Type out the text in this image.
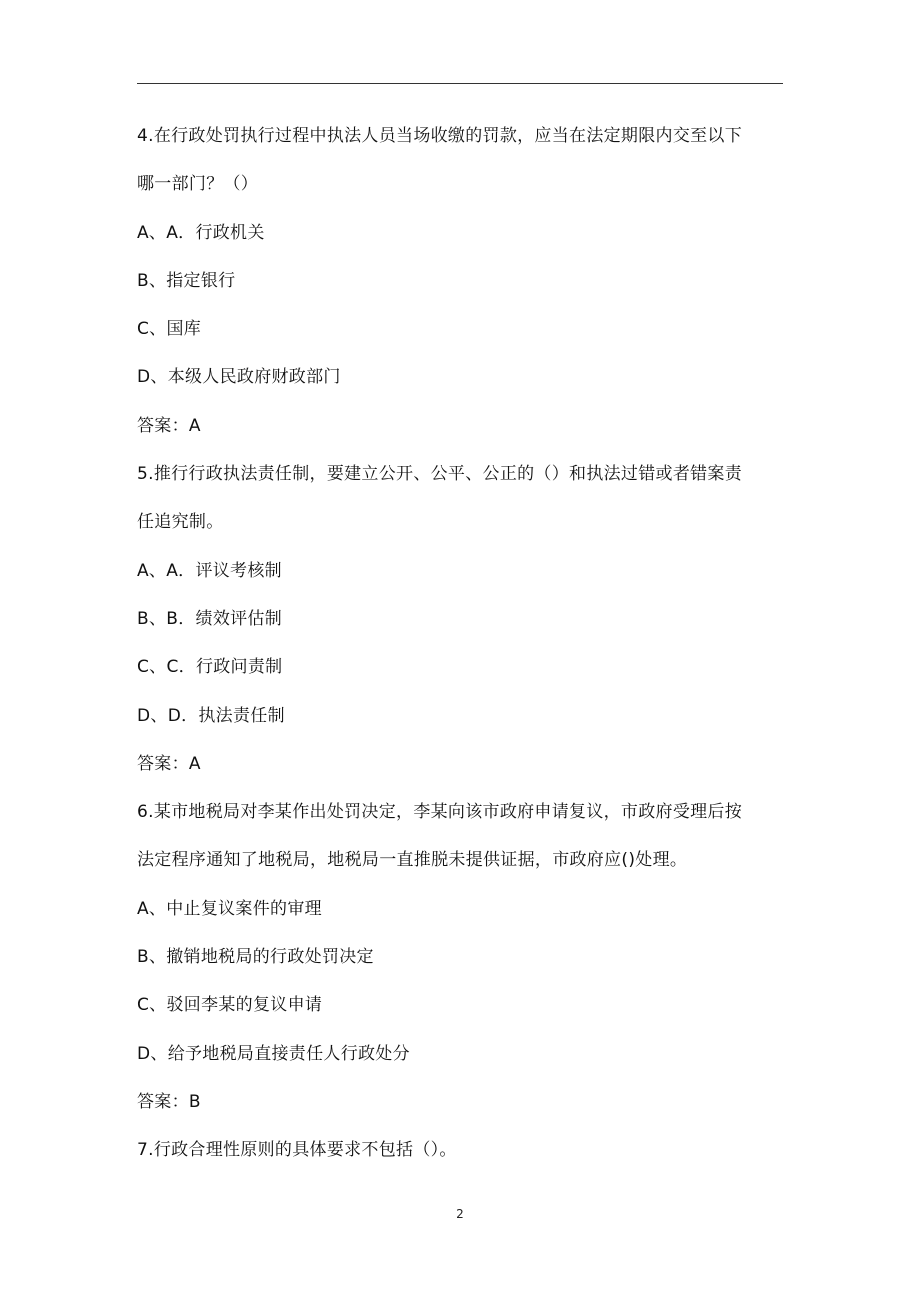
4.在行政处罚执行过程中执法人员当场收缴的罚款，应当在法定期限内交至以下
哪一部门？（）
A、A．行政机关
B、指定银行
C、国库
D、本级人民政府财政部门
答案：A
5.推行行政执法责任制，要建立公开、公平、公正的（）和执法过错或者错案责
任追究制。
A、A．评议考核制
B、B．绩效评估制
C、C．行政问责制
D、D．执法责任制
答案：A
6.某市地税局对李某作出处罚决定，李某向该市政府申请复议，市政府受理后按
法定程序通知了地税局，地税局一直推脱未提供证据，市政府应()处理。
A、中止复议案件的审理
B、撤销地税局的行政处罚决定
C、驳回李某的复议申请
D、给予地税局直接责任人行政处分
答案：B
7.行政合理性原则的具体要求不包括（）。
2
